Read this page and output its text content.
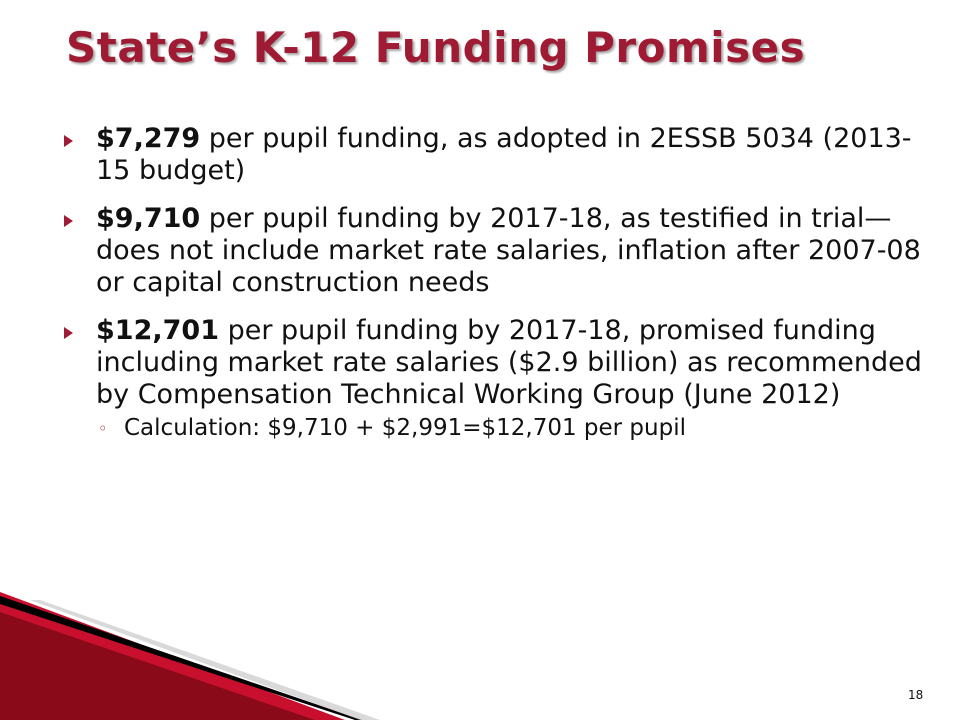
State’s K-12 Funding Promises
$7,279 per pupil funding, as adopted in 2ESSB 5034 (2013-15 budget)
$9,710 per pupil funding by 2017-18, as testified in trial—does not include market rate salaries, inflation after 2007-08 or capital construction needs
$12,701 per pupil funding by 2017-18, promised funding including market rate salaries ($2.9 billion) as recommended by Compensation Technical Working Group (June 2012)
◦ Calculation: $9,710 + $2,991=$12,701 per pupil
18
